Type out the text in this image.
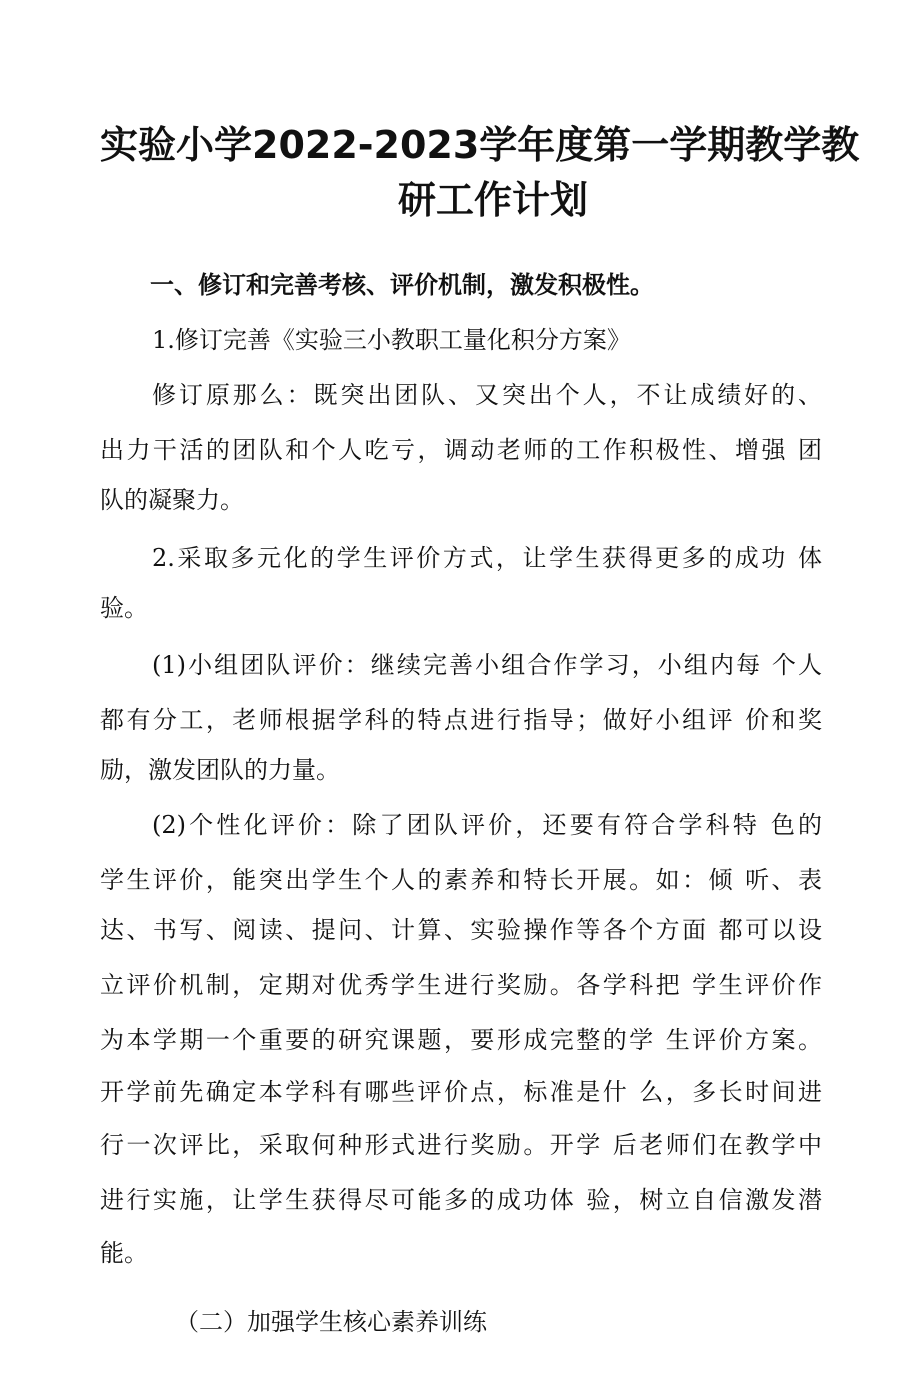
实验小学2022-2023学年度第一学期教学教
研工作计划
一、修订和完善考核、评价机制，激发积极性。
1.修订完善《实验三小教职工量化积分方案》
修订原那么：既突出团队、又突出个人，不让成绩好的、
出力干活的团队和个人吃亏，调动老师的工作积极性、增强 团
队的凝聚力。
2.采取多元化的学生评价方式，让学生获得更多的成功 体
验。
(1)小组团队评价：继续完善小组合作学习，小组内每 个人
都有分工，老师根据学科的特点进行指导；做好小组评 价和奖
励，激发团队的力量。
(2)个性化评价：除了团队评价，还要有符合学科特 色的
学生评价，能突出学生个人的素养和特长开展。如：倾 听、表
达、书写、阅读、提问、计算、实验操作等各个方面 都可以设
立评价机制，定期对优秀学生进行奖励。各学科把 学生评价作
为本学期一个重要的研究课题，要形成完整的学 生评价方案。
开学前先确定本学科有哪些评价点，标准是什 么，多长时间进
行一次评比，采取何种形式进行奖励。开学 后老师们在教学中
进行实施，让学生获得尽可能多的成功体 验，树立自信激发潜
能。
（二）加强学生核心素养训练
